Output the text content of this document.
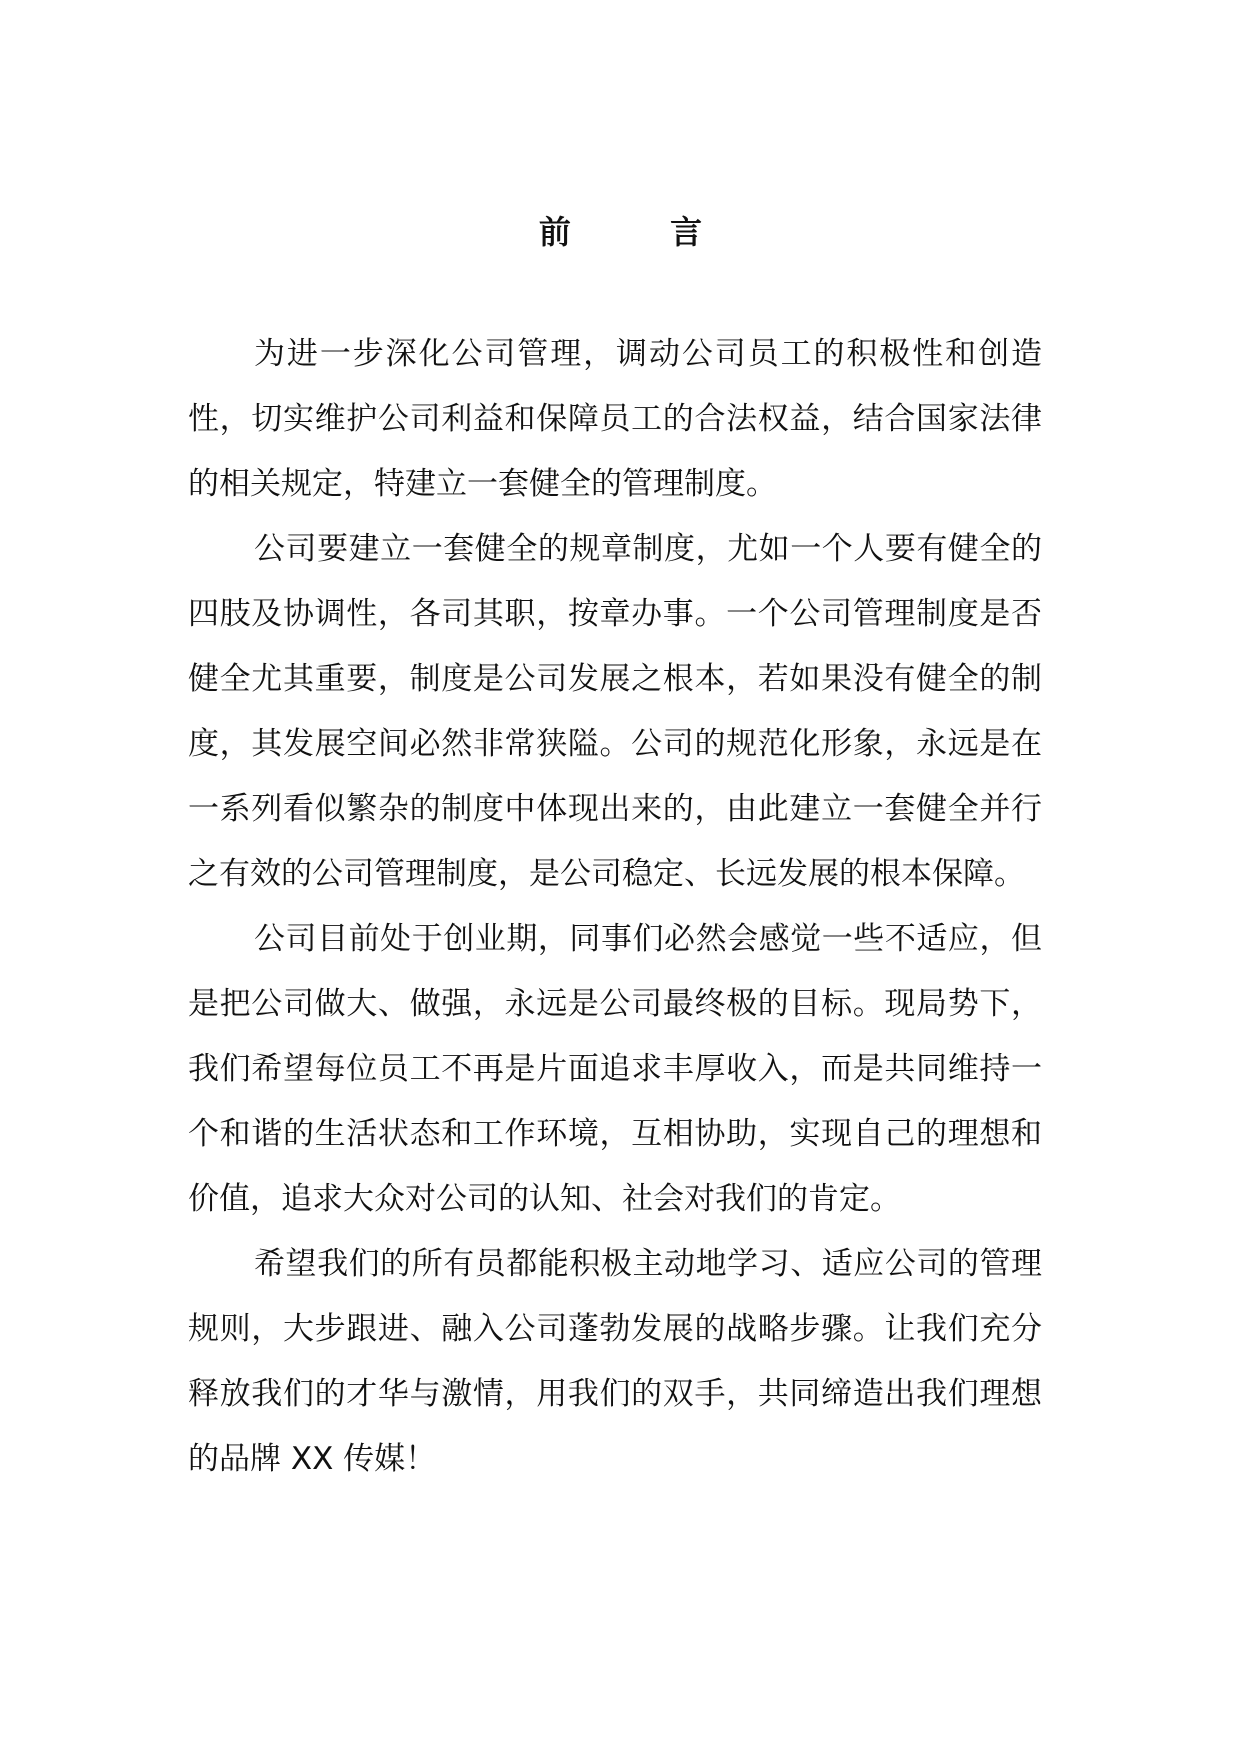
前 言

为进一步深化公司管理，调动公司员工的积极性和创造性，切实维护公司利益和保障员工的合法权益，结合国家法律的相关规定，特建立一套健全的管理制度。

公司要建立一套健全的规章制度，尤如一个人要有健全的四肢及协调性，各司其职，按章办事。一个公司管理制度是否健全尤其重要，制度是公司发展之根本，若如果没有健全的制度，其发展空间必然非常狭隘。公司的规范化形象，永远是在一系列看似繁杂的制度中体现出来的，由此建立一套健全并行之有效的公司管理制度，是公司稳定、长远发展的根本保障。

公司目前处于创业期，同事们必然会感觉一些不适应，但是把公司做大、做强，永远是公司最终极的目标。现局势下，我们希望每位员工不再是片面追求丰厚收入，而是共同维持一个和谐的生活状态和工作环境，互相协助，实现自己的理想和价值，追求大众对公司的认知、社会对我们的肯定。

希望我们的所有员都能积极主动地学习、适应公司的管理规则，大步跟进、融入公司蓬勃发展的战略步骤。让我们充分释放我们的才华与激情，用我们的双手，共同缔造出我们理想的品牌 XX 传媒！
